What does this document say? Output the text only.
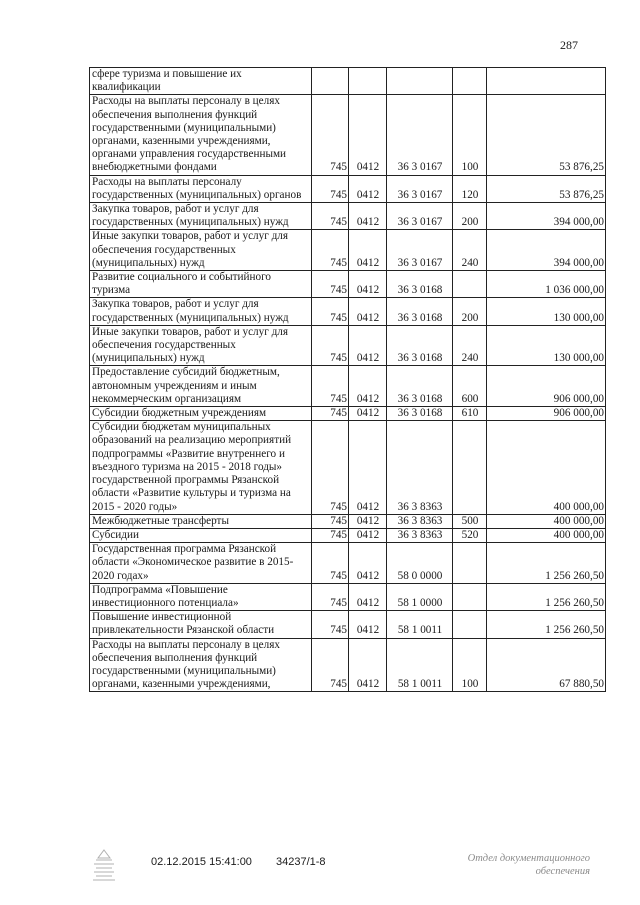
287
сфере туризма и повышение их квалификации					
Расходы на выплаты персоналу в целях обеспечения выполнения функций государственными (муниципальными) органами, казенными учреждениями, органами управления государственными внебюджетными фондами	745	0412	36 3 0167	100	53 876,25
Расходы на выплаты персоналу государственных (муниципальных) органов	745	0412	36 3 0167	120	53 876,25
Закупка товаров, работ и услуг для государственных (муниципальных) нужд	745	0412	36 3 0167	200	394 000,00
Иные закупки товаров, работ и услуг для обеспечения государственных (муниципальных) нужд	745	0412	36 3 0167	240	394 000,00
Развитие социального и событийного туризма	745	0412	36 3 0168		1 036 000,00
Закупка товаров, работ и услуг для государственных (муниципальных) нужд	745	0412	36 3 0168	200	130 000,00
Иные закупки товаров, работ и услуг для обеспечения государственных (муниципальных) нужд	745	0412	36 3 0168	240	130 000,00
Предоставление субсидий бюджетным, автономным учреждениям и иным некоммерческим организациям	745	0412	36 3 0168	600	906 000,00
Субсидии бюджетным учреждениям	745	0412	36 3 0168	610	906 000,00
Субсидии бюджетам муниципальных образований на реализацию мероприятий подпрограммы «Развитие внутреннего и въездного туризма на 2015 - 2018 годы» государственной программы Рязанской области «Развитие культуры и туризма на 2015 - 2020 годы»	745	0412	36 3 8363		400 000,00
Межбюджетные трансферты	745	0412	36 3 8363	500	400 000,00
Субсидии	745	0412	36 3 8363	520	400 000,00
Государственная программа Рязанской области «Экономическое развитие в 2015-2020 годах»	745	0412	58 0 0000		1 256 260,50
Подпрограмма «Повышение инвестиционного потенциала»	745	0412	58 1 0000		1 256 260,50
Повышение инвестиционной привлекательности Рязанской области	745	0412	58 1 0011		1 256 260,50
Расходы на выплаты персоналу в целях обеспечения выполнения функций государственными (муниципальными) органами, казенными учреждениями,	745	0412	58 1 0011	100	67 880,50
02.12.2015 15:41:00 34237/1-8	Отдел документационного обеспечения
